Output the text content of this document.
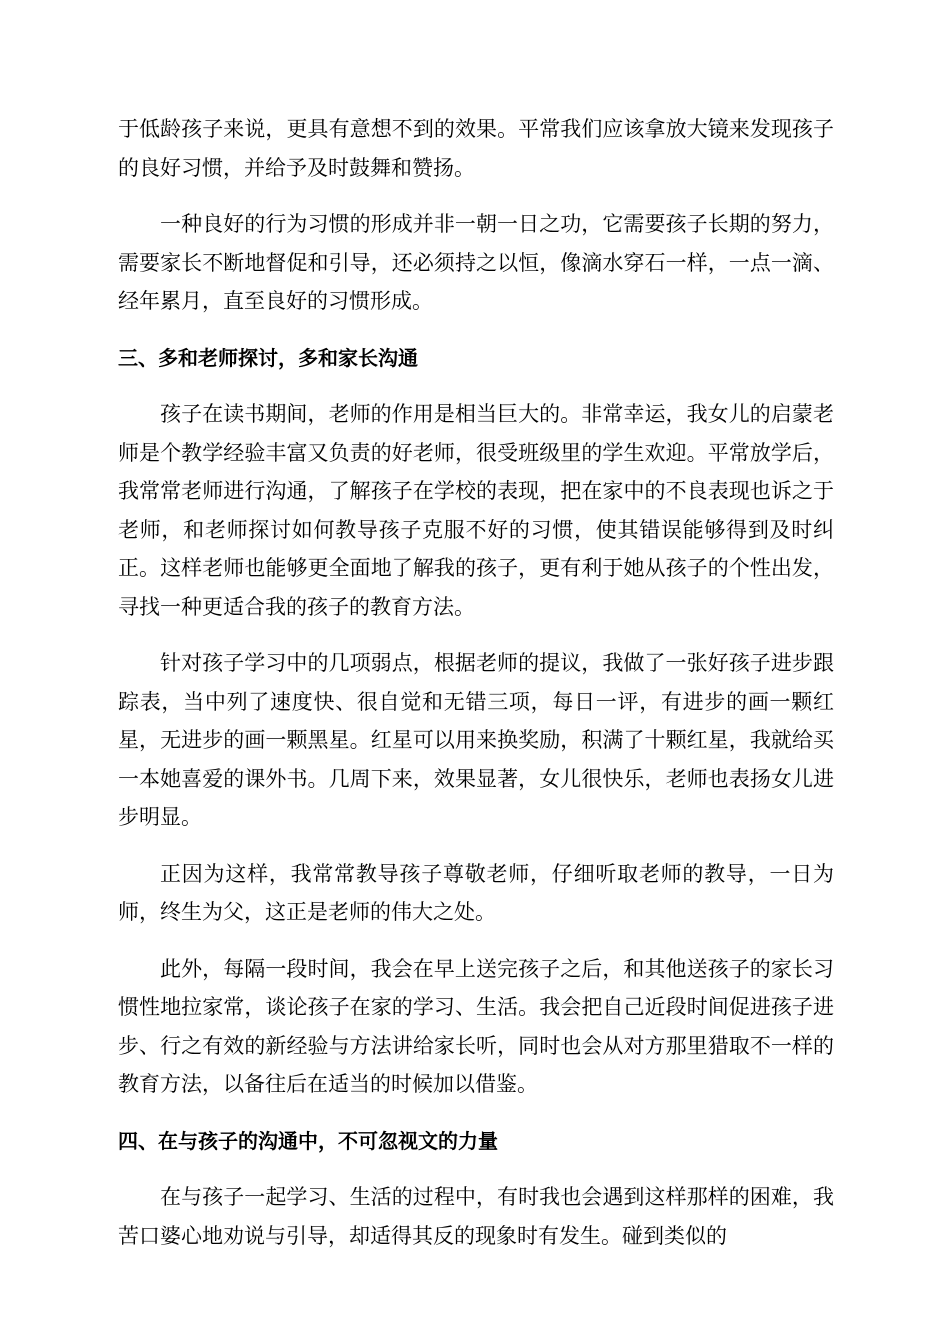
于低龄孩子来说，更具有意想不到的效果。平常我们应该拿放大镜来发现孩子的良好习惯，并给予及时鼓舞和赞扬。

一种良好的行为习惯的形成并非一朝一日之功，它需要孩子长期的努力，需要家长不断地督促和引导，还必须持之以恒，像滴水穿石一样，一点一滴、经年累月，直至良好的习惯形成。

三、多和老师探讨，多和家长沟通

孩子在读书期间，老师的作用是相当巨大的。非常幸运，我女儿的启蒙老师是个教学经验丰富又负责的好老师，很受班级里的学生欢迎。平常放学后，我常常老师进行沟通，了解孩子在学校的表现，把在家中的不良表现也诉之于老师，和老师探讨如何教导孩子克服不好的习惯，使其错误能够得到及时纠正。这样老师也能够更全面地了解我的孩子，更有利于她从孩子的个性出发，寻找一种更适合我的孩子的教育方法。

针对孩子学习中的几项弱点，根据老师的提议，我做了一张好孩子进步跟踪表，当中列了速度快、很自觉和无错三项，每日一评，有进步的画一颗红星，无进步的画一颗黑星。红星可以用来换奖励，积满了十颗红星，我就给买一本她喜爱的课外书。几周下来，效果显著，女儿很快乐，老师也表扬女儿进步明显。

正因为这样，我常常教导孩子尊敬老师，仔细听取老师的教导，一日为师，终生为父，这正是老师的伟大之处。

此外，每隔一段时间，我会在早上送完孩子之后，和其他送孩子的家长习惯性地拉家常，谈论孩子在家的学习、生活。我会把自己近段时间促进孩子进步、行之有效的新经验与方法讲给家长听，同时也会从对方那里猎取不一样的教育方法，以备往后在适当的时候加以借鉴。

四、在与孩子的沟通中，不可忽视文的力量

在与孩子一起学习、生活的过程中，有时我也会遇到这样那样的困难，我苦口婆心地劝说与引导，却适得其反的现象时有发生。碰到类似的
